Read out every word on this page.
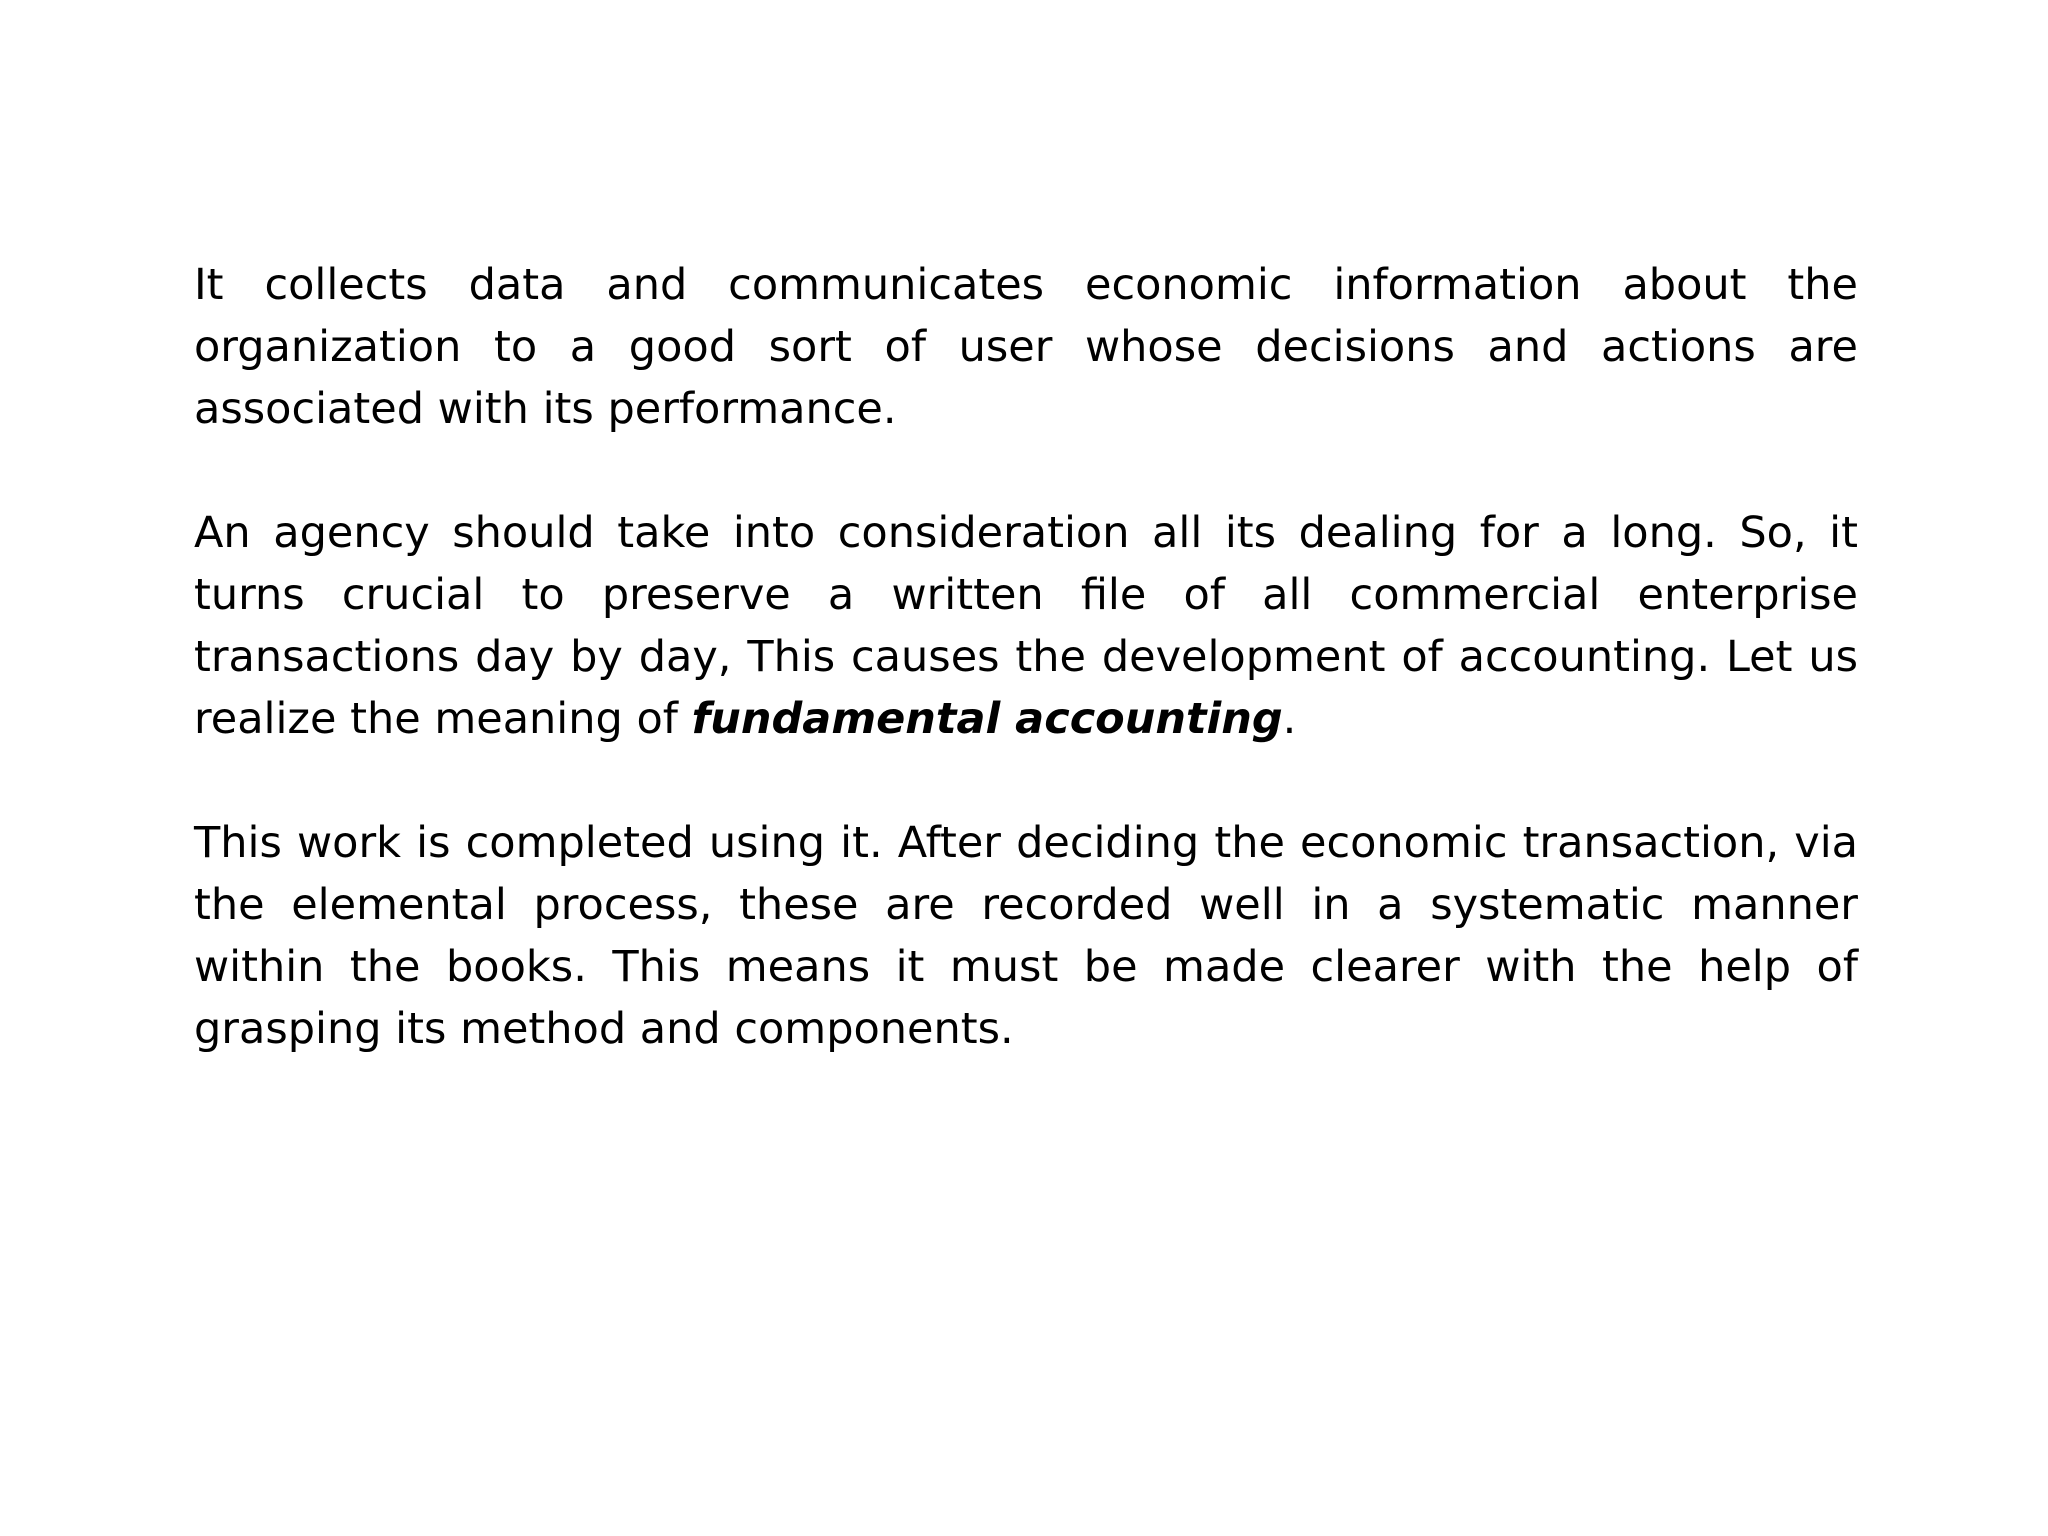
It collects data and communicates economic information about the organization to a good sort of user whose decisions and actions are associated with its performance.

An agency should take into consideration all its dealing for a long. So, it turns crucial to preserve a written file of all commercial enterprise transactions day by day, This causes the development of accounting. Let us realize the meaning of fundamental accounting.

This work is completed using it. After deciding the economic transaction, via the elemental process, these are recorded well in a systematic manner within the books. This means it must be made clearer with the help of grasping its method and components.
